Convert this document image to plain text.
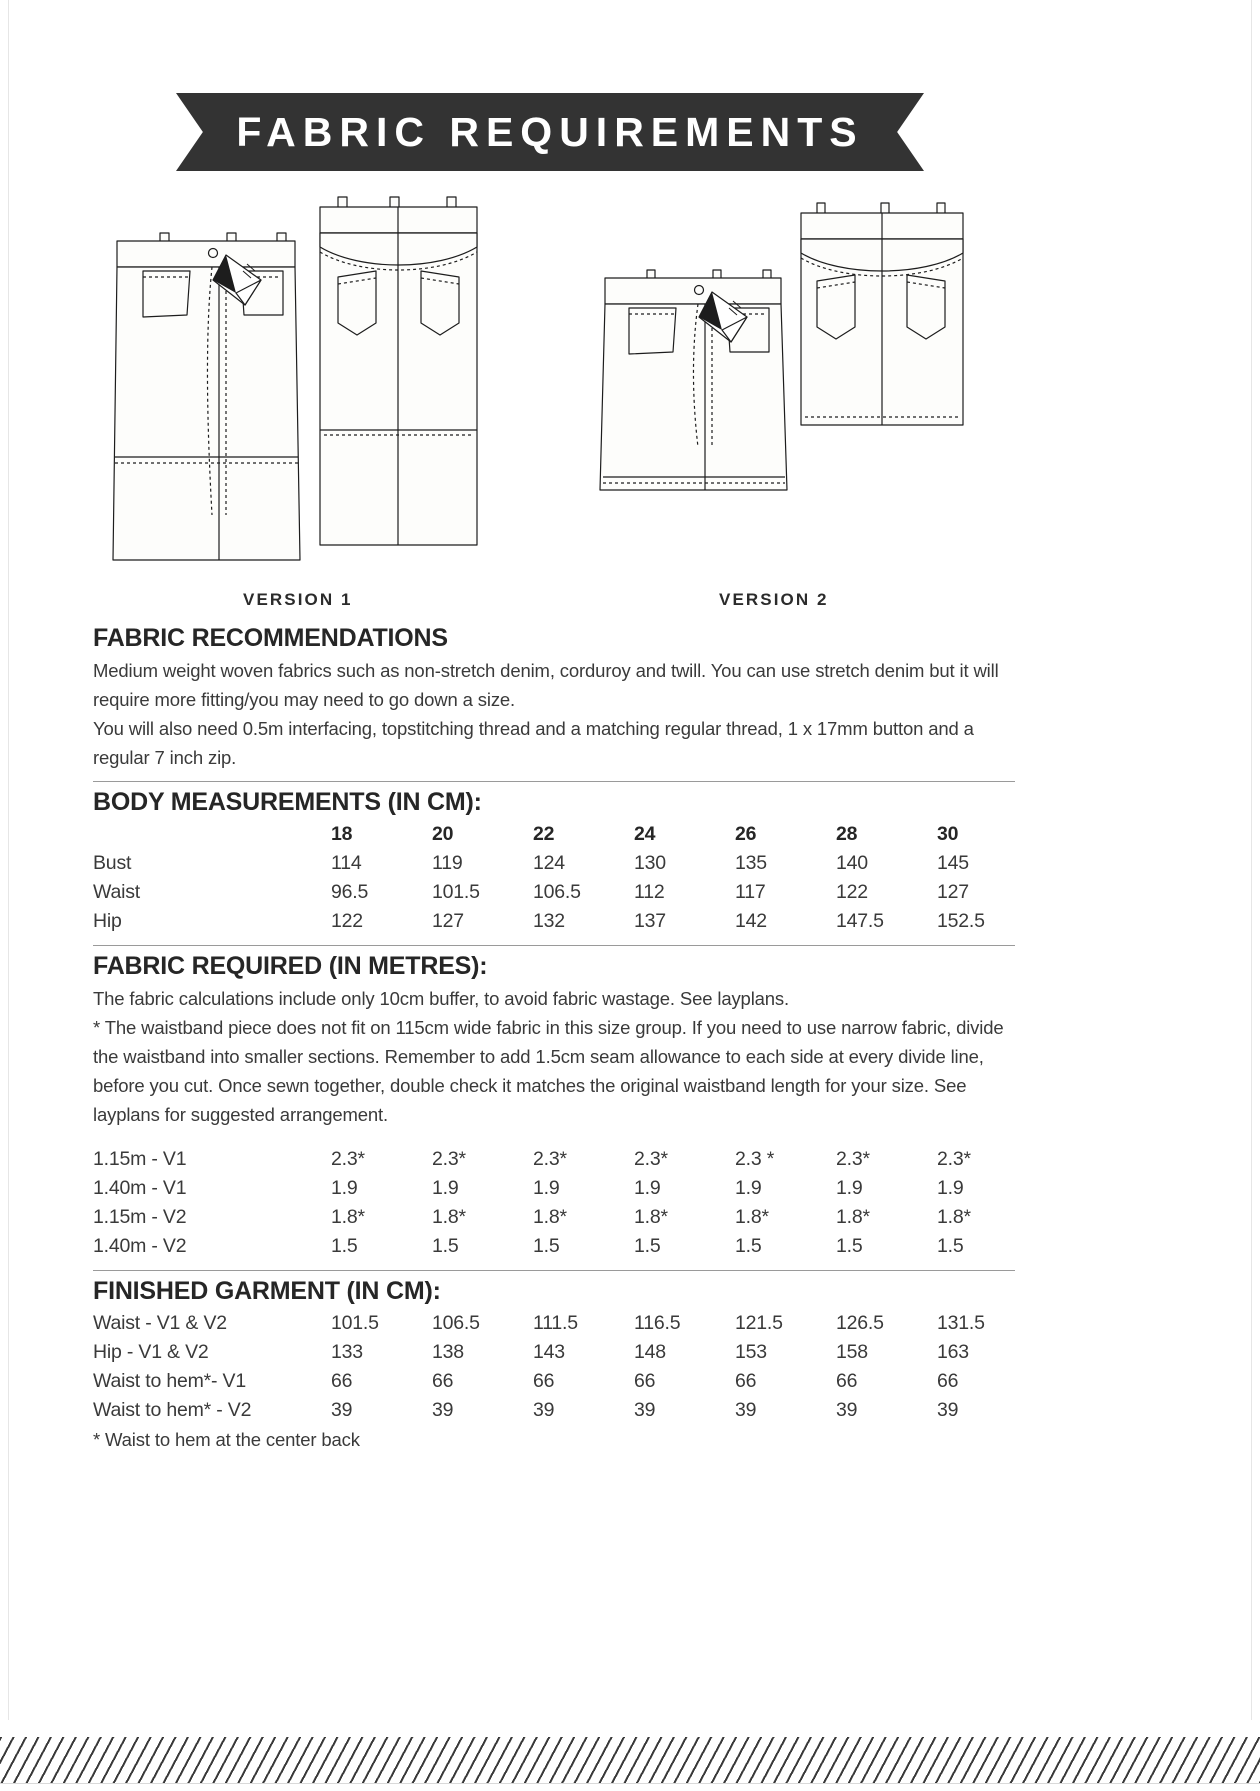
FABRIC REQUIREMENTS
VERSION 1	VERSION 2
FABRIC RECOMMENDATIONS

Medium weight woven fabrics such as non-stretch denim, corduroy and twill. You can use stretch denim but it will require more fitting/you may need to go down a size.

You will also need 0.5m interfacing, topstitching thread and a matching regular thread, 1 x 17mm button and a regular 7 inch zip.

BODY MEASUREMENTS (IN CM):
	18	20	22	24	26	28	30
Bust	114	119	124	130	135	140	145
Waist	96.5	101.5	106.5	112	117	122	127
Hip	122	127	132	137	142	147.5	152.5
FABRIC REQUIRED (IN METRES):

The fabric calculations include only 10cm buffer, to avoid fabric wastage. See layplans.

* The waistband piece does not fit on 115cm wide fabric in this size group. If you need to use narrow fabric, divide the waistband into smaller sections. Remember to add 1.5cm seam allowance to each side at every divide line, before you cut. Once sewn together, double check it matches the original waistband length for your size. See layplans for suggested arrangement.

1.15m - V1	2.3*	2.3*	2.3*	2.3*	2.3 *	2.3*	2.3*
1.40m - V1	1.9	1.9	1.9	1.9	1.9	1.9	1.9
1.15m - V2	1.8*	1.8*	1.8*	1.8*	1.8*	1.8*	1.8*
1.40m - V2	1.5	1.5	1.5	1.5	1.5	1.5	1.5
FINISHED GARMENT (IN CM):
Waist - V1 & V2	101.5	106.5	111.5	116.5	121.5	126.5	131.5
Hip - V1 & V2	133	138	143	148	153	158	163
Waist to hem*- V1	66	66	66	66	66	66	66
Waist to hem* - V2	39	39	39	39	39	39	39

* Waist to hem at the center back
